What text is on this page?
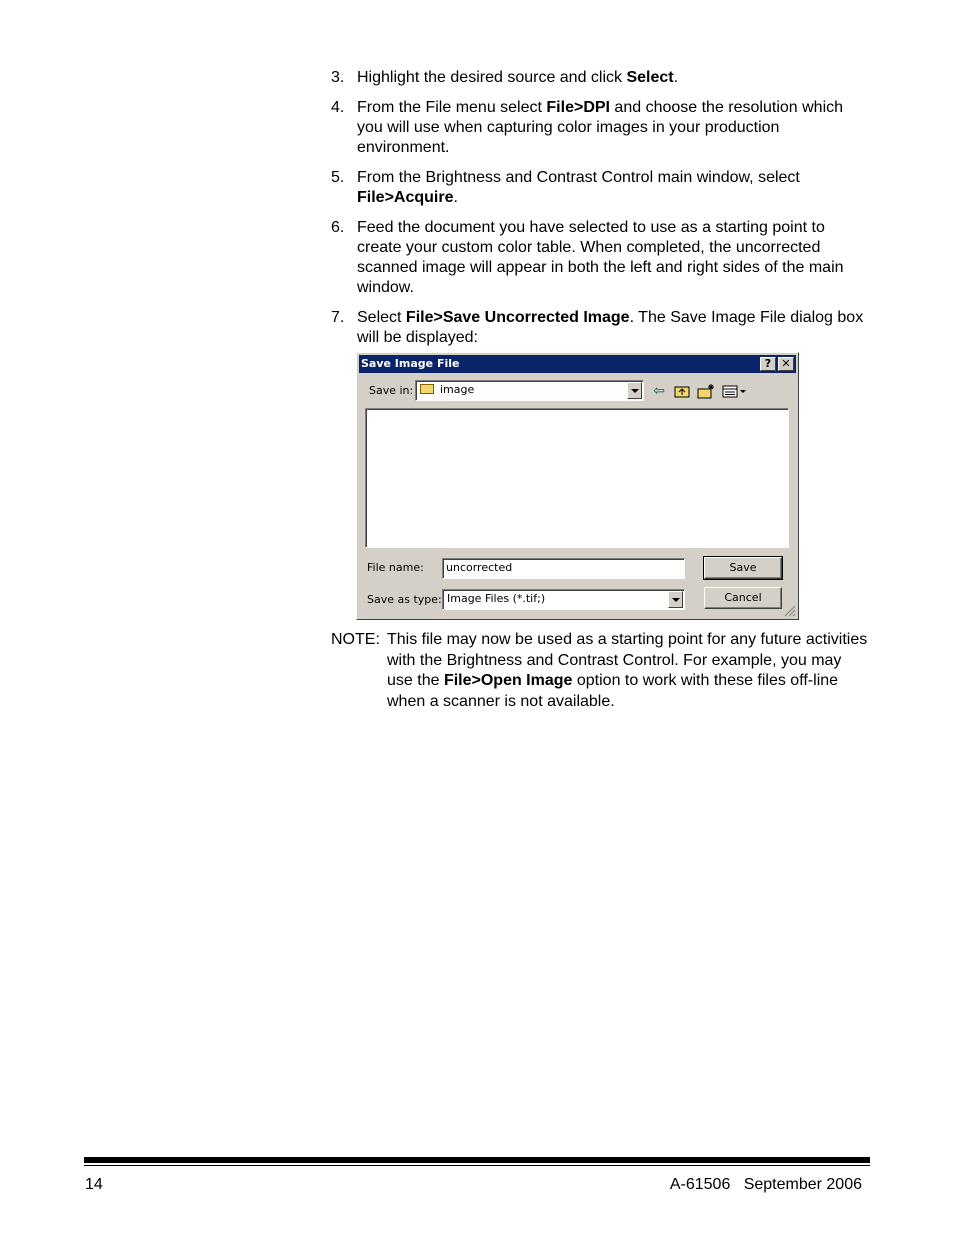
3. Highlight the desired source and click Select.
4. From the File menu select File>DPI and choose the resolution which you will use when capturing color images in your production environment.
5. From the Brightness and Contrast Control main window, select File>Acquire.
6. Feed the document you have selected to use as a starting point to create your custom color table. When completed, the uncorrected scanned image will appear in both the left and right sides of the main window.
7. Select File>Save Uncorrected Image. The Save Image File dialog box will be displayed:
Save Image File	? ✕
Save in: image	⇦
File name: uncorrected
Save as type: Image Files (*.tif;)
Save
Cancel
NOTE: This file may now be used as a starting point for any future activities with the Brightness and Contrast Control. For example, you may use the File>Open Image option to work with these files off-line when a scanner is not available.
14	A-61506   September 2006
